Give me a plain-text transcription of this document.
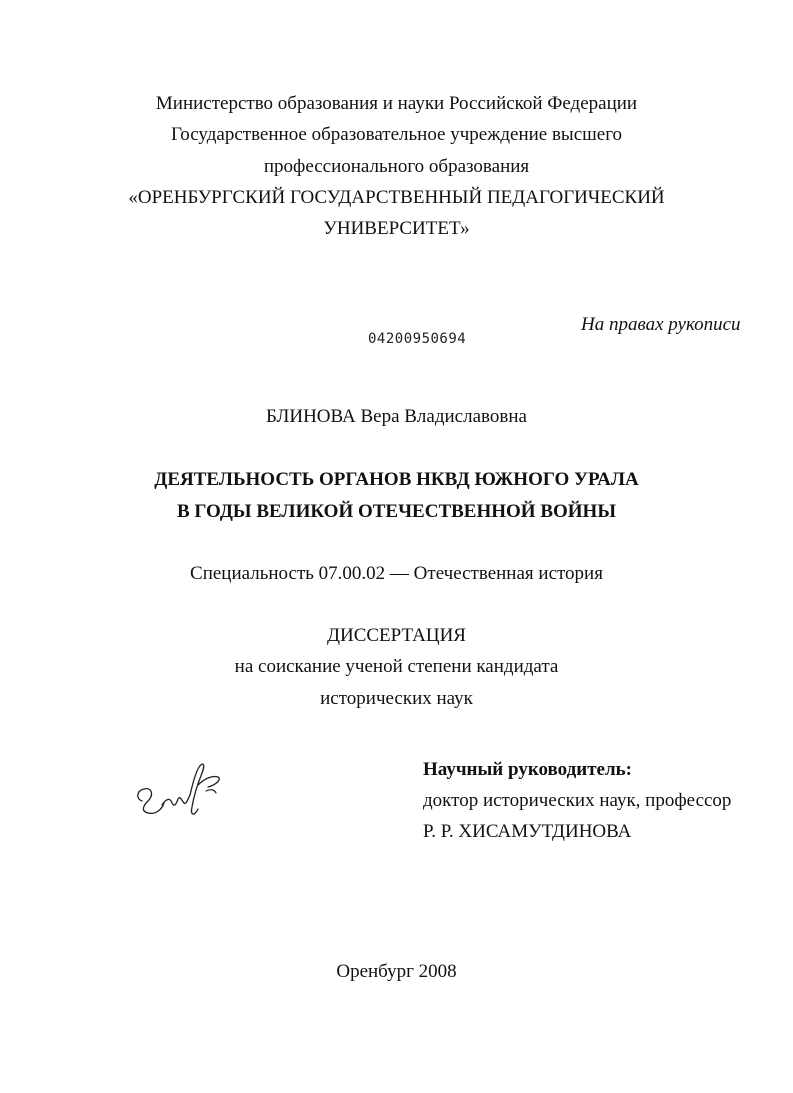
Министерство образования и науки Российской Федерации
Государственное образовательное учреждение высшего
профессионального образования
«ОРЕНБУРГСКИЙ ГОСУДАРСТВЕННЫЙ ПЕДАГОГИЧЕСКИЙ
УНИВЕРСИТЕТ»
04200950694
На правах рукописи
БЛИНОВА Вера Владиславовна
ДЕЯТЕЛЬНОСТЬ ОРГАНОВ НКВД ЮЖНОГО УРАЛА
В ГОДЫ ВЕЛИКОЙ ОТЕЧЕСТВЕННОЙ ВОЙНЫ
Специальность 07.00.02 — Отечественная история
ДИССЕРТАЦИЯ
на соискание ученой степени кандидата
исторических наук
Научный руководитель:
доктор исторических наук, профессор
Р. Р. ХИСАМУТДИНОВА
Оренбург 2008
